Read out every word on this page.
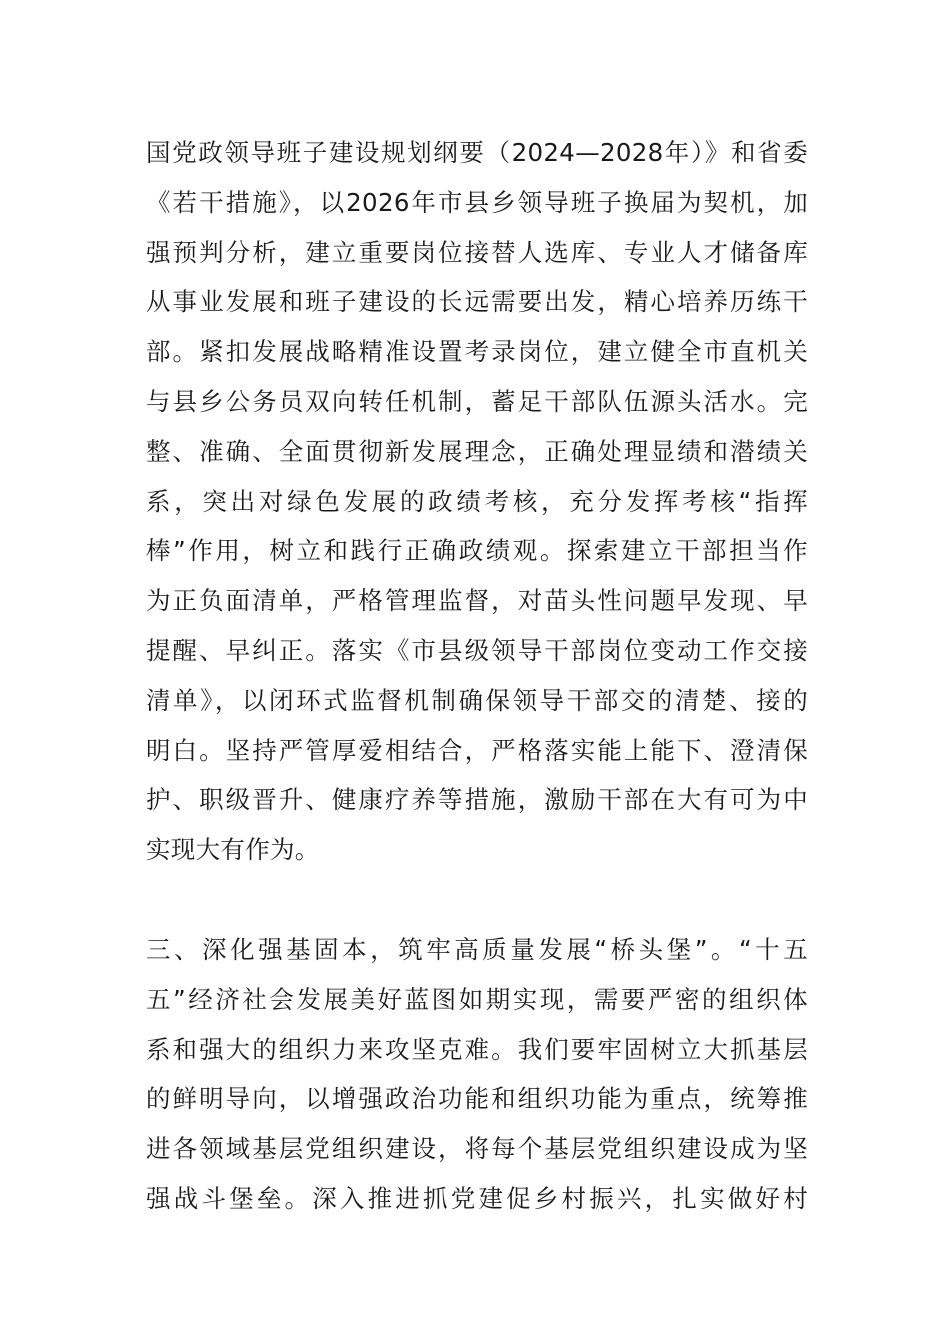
国党政领导班子建设规划纲要（2024—2028年）》和省委
《若干措施》，以2026年市县乡领导班子换届为契机，加
强预判分析，建立重要岗位接替人选库、专业人才储备库
从事业发展和班子建设的长远需要出发，精心培养历练干
部。紧扣发展战略精准设置考录岗位，建立健全市直机关
与县乡公务员双向转任机制，蓄足干部队伍源头活水。完
整、准确、全面贯彻新发展理念，正确处理显绩和潜绩关
系，突出对绿色发展的政绩考核，充分发挥考核“指挥
棒”作用，树立和践行正确政绩观。探索建立干部担当作
为正负面清单，严格管理监督，对苗头性问题早发现、早
提醒、早纠正。落实《市县级领导干部岗位变动工作交接
清单》，以闭环式监督机制确保领导干部交的清楚、接的
明白。坚持严管厚爱相结合，严格落实能上能下、澄清保
护、职级晋升、健康疗养等措施，激励干部在大有可为中
实现大有作为。
三、深化强基固本，筑牢高质量发展“桥头堡”。“十五
五”经济社会发展美好蓝图如期实现，需要严密的组织体
系和强大的组织力来攻坚克难。我们要牢固树立大抓基层
的鲜明导向，以增强政治功能和组织功能为重点，统筹推
进各领域基层党组织建设，将每个基层党组织建设成为坚
强战斗堡垒。深入推进抓党建促乡村振兴，扎实做好村
